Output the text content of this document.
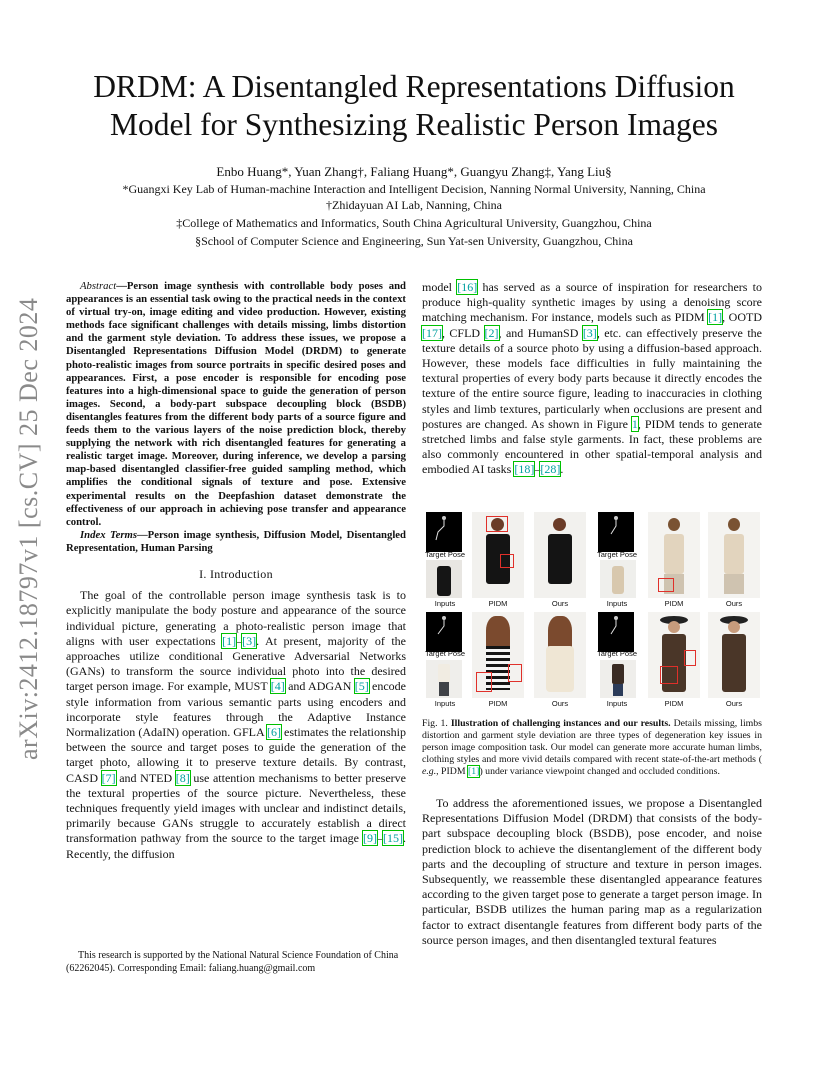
arXiv:2412.18797v1 [cs.CV] 25 Dec 2024
DRDM: A Disentangled Representations Diffusion
Model for Synthesizing Realistic Person Images
Enbo Huang*, Yuan Zhang†, Faliang Huang*, Guangyu Zhang‡, Yang Liu§
*Guangxi Key Lab of Human-machine Interaction and Intelligent Decision, Nanning Normal University, Nanning, China
†Zhidayuan AI Lab, Nanning, China
‡College of Mathematics and Informatics, South China Agricultural University, Guangzhou, China
§School of Computer Science and Engineering, Sun Yat-sen University, Guangzhou, China

Abstract—Person image synthesis with controllable body poses and appearances is an essential task owing to the practical needs in the context of virtual try-on, image editing and video production. However, existing methods face significant challenges with details missing, limbs distortion and the garment style deviation. To address these issues, we propose a Disentangled Representations Diffusion Model (DRDM) to generate photo-realistic images from source portraits in specific desired poses and appearances. First, a pose encoder is responsible for encoding pose features into a high-dimensional space to guide the generation of person images. Second, a body-part subspace decoupling block (BSDB) disentangles features from the different body parts of a source figure and feeds them to the various layers of the noise prediction block, thereby supplying the network with rich disentangled features for generating a realistic target image. Moreover, during inference, we develop a parsing map-based disentangled classifier-free guided sampling method, which amplifies the conditional signals of texture and pose. Extensive experimental results on the Deepfashion dataset demonstrate the effectiveness of our approach in achieving pose transfer and appearance control.

Index Terms—Person image synthesis, Diffusion Model, Disentangled Representation, Human Parsing

I. Introduction

The goal of the controllable person image synthesis task is to explicitly manipulate the body posture and appearance of the source individual picture, generating a photo-realistic person image that aligns with user expectations [1]–[3]. At present, majority of the approaches utilize conditional Generative Adversarial Networks (GANs) to transform the source individual photo into the desired target person image. For example, MUST [4] and ADGAN [5] encode style information from various semantic parts using encoders and incorporate style features through the Adaptive Instance Normalization (AdaIN) operation. GFLA [6] estimates the relationship between the source and target poses to guide the generation of the target photo, allowing it to preserve texture details. By contrast, CASD [7] and NTED [8] use attention mechanisms to better preserve the textural properties of the source picture. Nevertheless, these techniques frequently yield images with unclear and indistinct details, primarily because GANs struggle to accurately establish a direct transformation pathway from the source to the target image [9]–[15]. Recently, the diffusion

This research is supported by the National Natural Science Foundation of China (62262045). Corresponding Email: faliang.huang@gmail.com

model [16] has served as a source of inspiration for researchers to produce high-quality synthetic images by using a denoising score matching mechanism. For instance, models such as PIDM [1], OOTD [17], CFLD [2], and HumanSD [3], etc. can effectively preserve the texture details of a source photo by using a diffusion-based approach. However, these models face difficulties in fully maintaining the textural properties of every body parts because it directly encodes the texture of the entire source figure, leading to inaccuracies in clothing styles and limb textures, particularly when occlusions are present and postures are changed. As shown in Figure 1, PIDM tends to generate stretched limbs and false style garments. In fact, these problems are also commonly encountered in other spatial-temporal analysis and embodied AI tasks [18]–[28].

Target Pose
Inputs	PIDM	Ours
Target Pose
Inputs	PIDM	Ours
Target Pose
Inputs	PIDM	Ours
Target Pose
Inputs	PIDM	Ours
Fig. 1. Illustration of challenging instances and our results. Details missing, limbs distortion and garment style deviation are three types of degeneration key issues in person image composition task. Our model can generate more accurate human limbs, clothing styles and more vivid details compared with recent state-of-the-art methods ( e.g., PIDM [1]) under variance viewpoint changed and occluded conditions.

To address the aforementioned issues, we propose a Disentangled Representations Diffusion Model (DRDM) that consists of the body-part subspace decoupling block (BSDB), pose encoder, and noise prediction block to achieve the disentanglement of the different body parts and the decoupling of structure and texture in person images. Subsequently, we reassemble these disentangled appearance features according to the given target pose to generate a target person image. In particular, BSDB utilizes the human paring map as a regularization factor to extract disentangle features from different body parts of the source person images, and then disentangled textural features
